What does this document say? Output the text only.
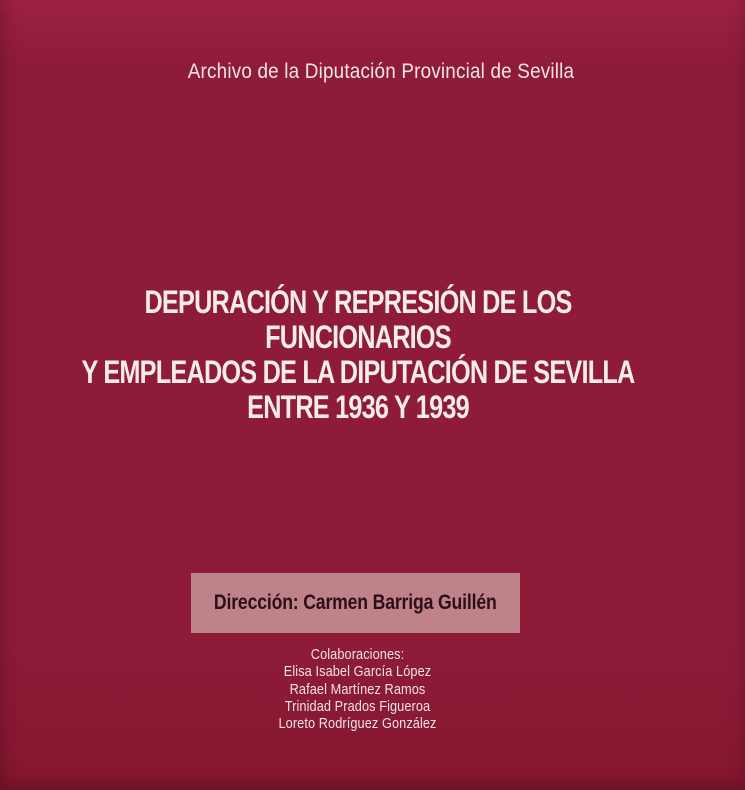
Archivo de la Diputación Provincial de Sevilla
DEPURACIÓN Y REPRESIÓN DE LOS FUNCIONARIOS
Y EMPLEADOS DE LA DIPUTACIÓN DE SEVILLA
ENTRE 1936 Y 1939
Dirección: Carmen Barriga Guillén
Colaboraciones:
Elisa Isabel García López
Rafael Martínez Ramos
Trinidad Prados Figueroa
Loreto Rodríguez González
